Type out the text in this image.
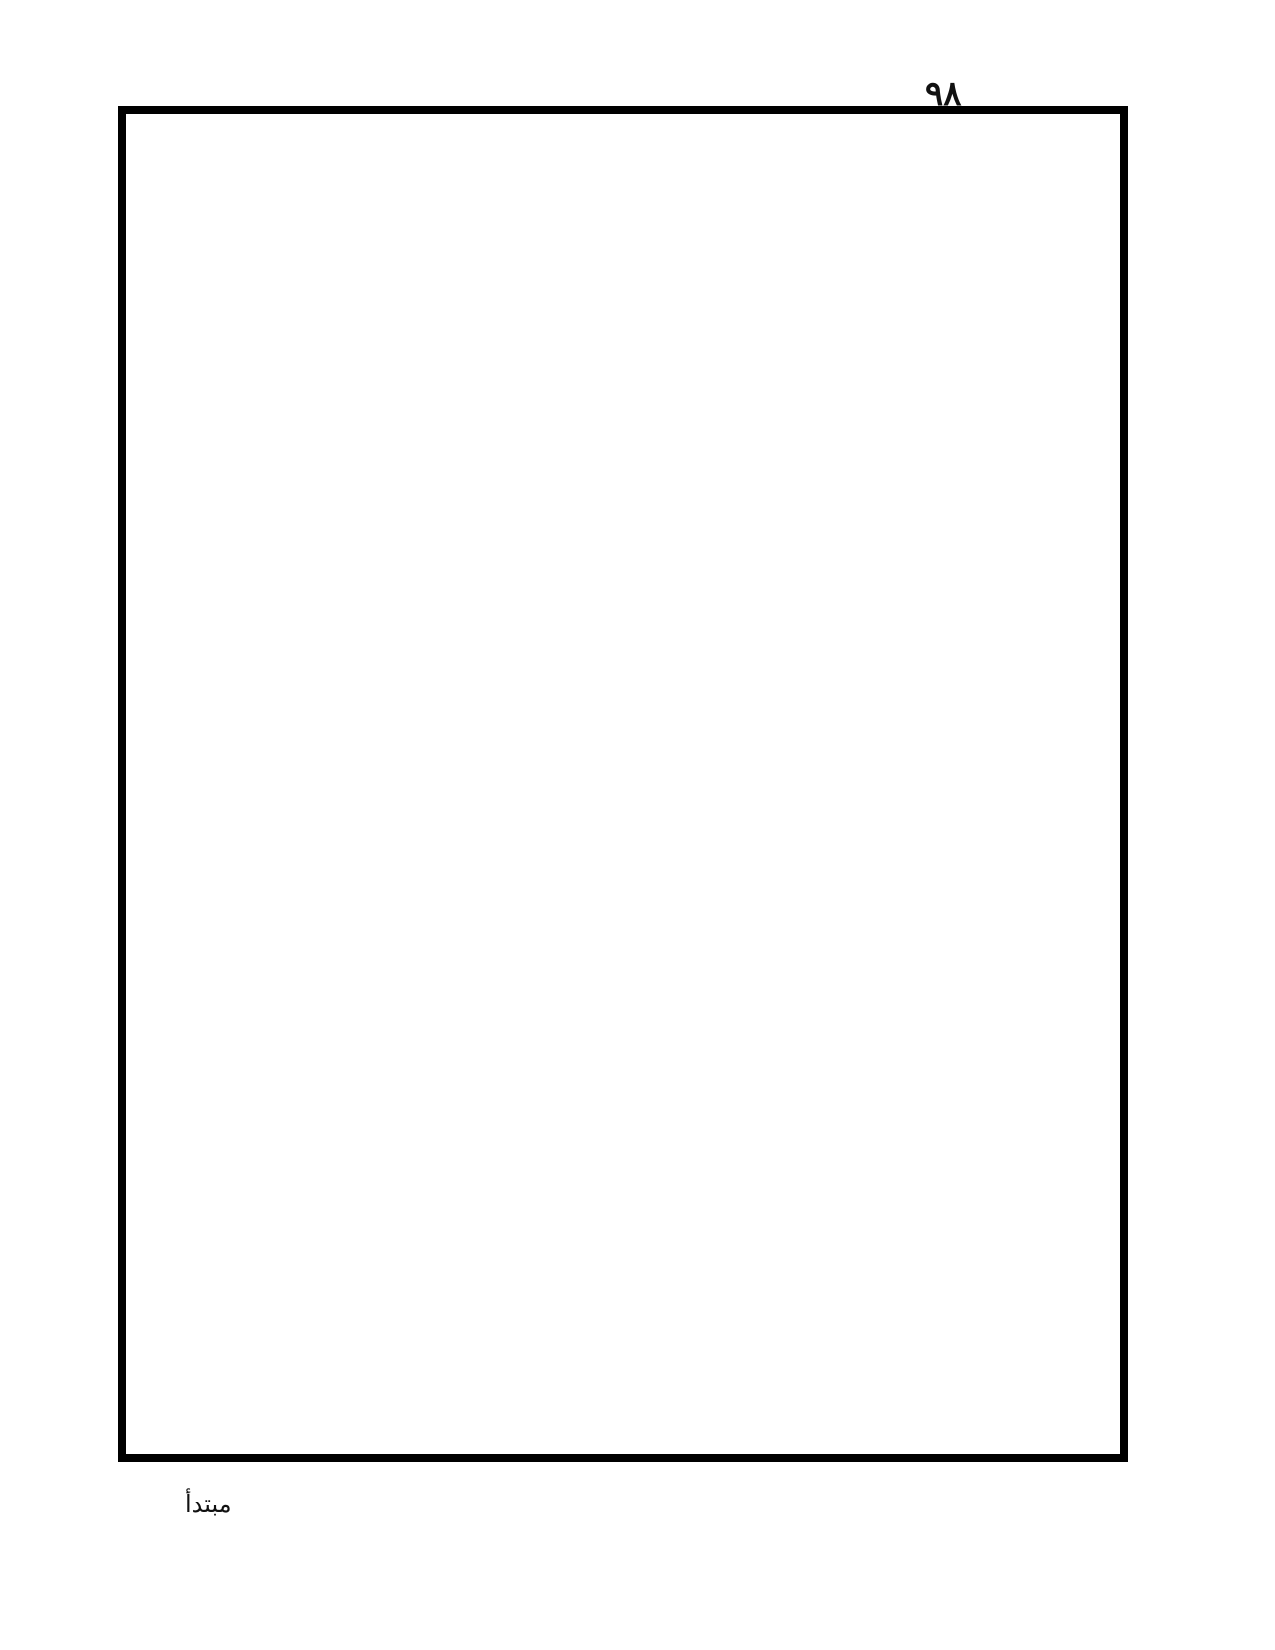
٩٨
مبتدأ
